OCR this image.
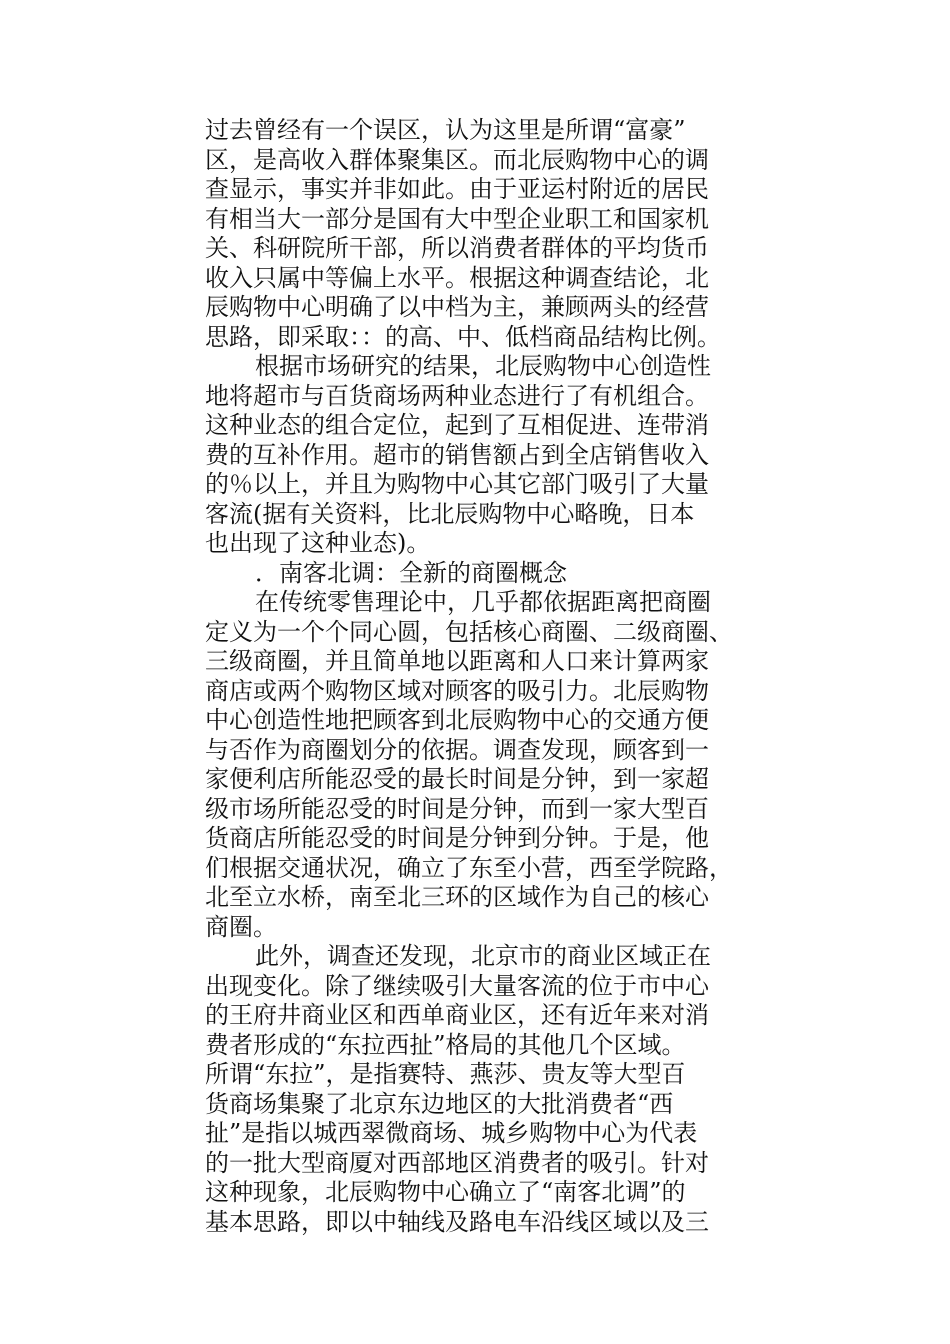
过去曾经有一个误区，认为这里是所谓“富豪”
区，是高收入群体聚集区。而北辰购物中心的调
查显示，事实并非如此。由于亚运村附近的居民
有相当大一部分是国有大中型企业职工和国家机
关、科研院所干部，所以消费者群体的平均货币
收入只属中等偏上水平。根据这种调查结论，北
辰购物中心明确了以中档为主，兼顾两头的经营
思路，即采取：：的高、中、低档商品结构比例。
根据市场研究的结果，北辰购物中心创造性
地将超市与百货商场两种业态进行了有机组合。
这种业态的组合定位，起到了互相促进、连带消
费的互补作用。超市的销售额占到全店销售收入
的％以上，并且为购物中心其它部门吸引了大量
客流(据有关资料，比北辰购物中心略晚，日本
也出现了这种业态)。
．南客北调：全新的商圈概念
在传统零售理论中，几乎都依据距离把商圈
定义为一个个同心圆，包括核心商圈、二级商圈、
三级商圈，并且简单地以距离和人口来计算两家
商店或两个购物区域对顾客的吸引力。北辰购物
中心创造性地把顾客到北辰购物中心的交通方便
与否作为商圈划分的依据。调查发现，顾客到一
家便利店所能忍受的最长时间是分钟，到一家超
级市场所能忍受的时间是分钟，而到一家大型百
货商店所能忍受的时间是分钟到分钟。于是，他
们根据交通状况，确立了东至小营，西至学院路，
北至立水桥，南至北三环的区域作为自己的核心
商圈。
此外，调查还发现，北京市的商业区域正在
出现变化。除了继续吸引大量客流的位于市中心
的王府井商业区和西单商业区，还有近年来对消
费者形成的“东拉西扯”格局的其他几个区域。
所谓“东拉”，是指赛特、燕莎、贵友等大型百
货商场集聚了北京东边地区的大批消费者“西
扯”是指以城西翠微商场、城乡购物中心为代表
的一批大型商厦对西部地区消费者的吸引。针对
这种现象，北辰购物中心确立了“南客北调”的
基本思路，即以中轴线及路电车沿线区域以及三
